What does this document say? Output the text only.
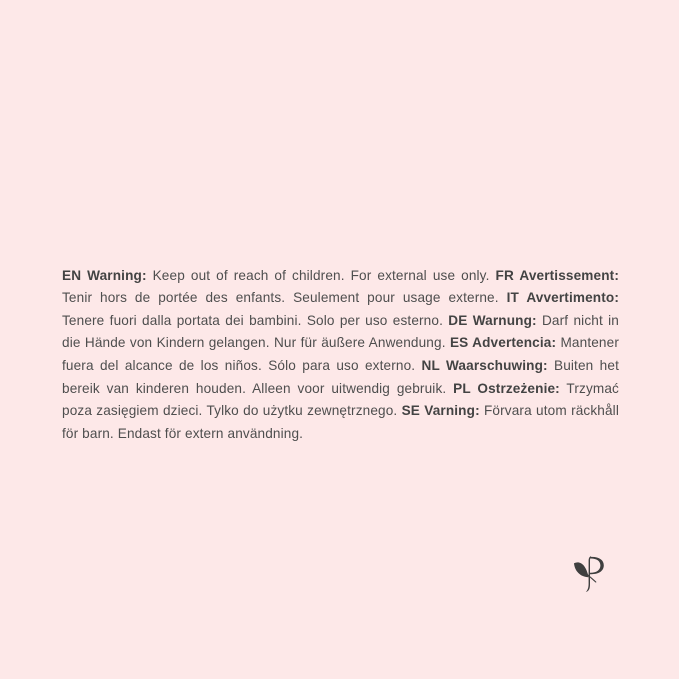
EN Warning: Keep out of reach of children. For external use only. FR Avertissement: Tenir hors de portée des enfants. Seulement pour usage externe. IT Avvertimento: Tenere fuori dalla portata dei bambini. Solo per uso esterno. DE Warnung: Darf nicht in die Hände von Kindern gelangen. Nur für äußere Anwendung. ES Advertencia: Mantener fuera del alcance de los niños. Sólo para uso externo. NL Waarschuwing: Buiten het bereik van kinderen houden. Alleen voor uitwendig gebruik. PL Ostrzeżenie: Trzymać poza zasięgiem dzieci. Tylko do użytku zewnętrznego. SE Varning: Förvara utom räckhåll för barn. Endast för extern användning.
